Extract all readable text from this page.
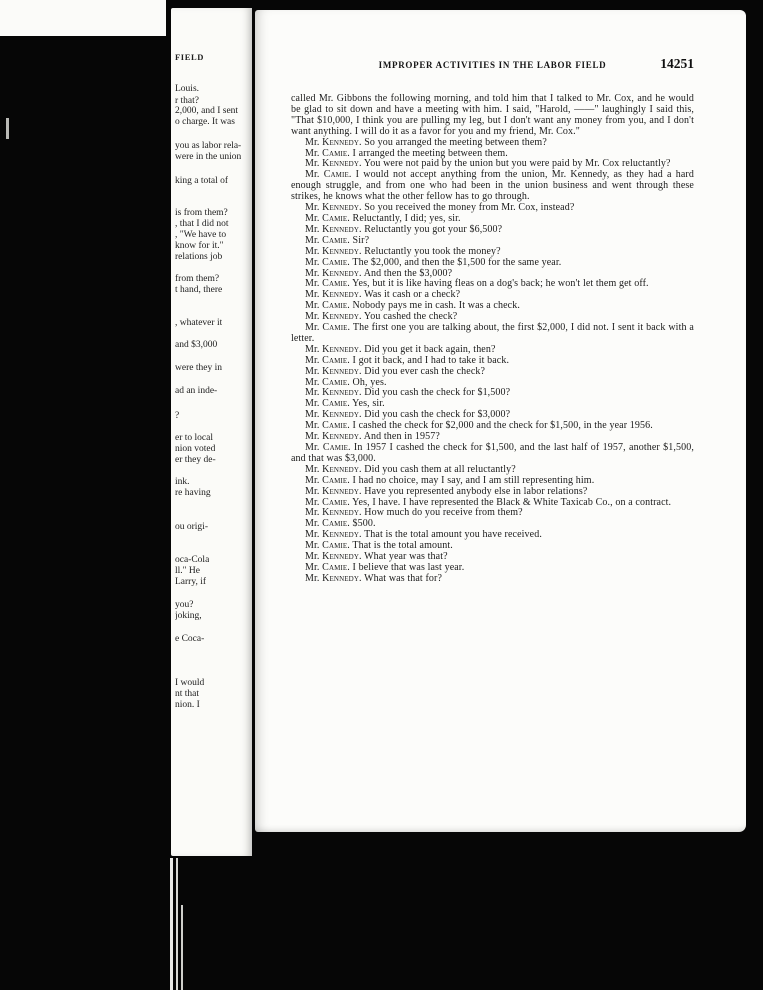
FIELD
Louis.
r that?
2,000, and I sent
o charge. It was
you as labor rela-
were in the union
king a total of
is from them?
, that I did not
, "We have to
know for it."
relations job
from them?
t hand, there
, whatever it
and $3,000
were they in
ad an inde-
?
er to local
nion voted
er they de-
ink.
re having
ou origi-
oca-Cola
ll." He
Larry, if
you?
joking,
e Coca-
I would
nt that
nion. I
IMPROPER ACTIVITIES IN THE LABOR FIELD	14251

called Mr. Gibbons the following morning, and told him that I talked to Mr. Cox, and he would be glad to sit down and have a meeting with him. I said, "Harold, ——" laughingly I said this, "That $10,000, I think you are pulling my leg, but I don't want any money from you, and I don't want anything. I will do it as a favor for you and my friend, Mr. Cox."

Mr. Kennedy. So you arranged the meeting between them?

Mr. Camie. I arranged the meeting between them.

Mr. Kennedy. You were not paid by the union but you were paid by Mr. Cox reluctantly?

Mr. Camie. I would not accept anything from the union, Mr. Kennedy, as they had a hard enough struggle, and from one who had been in the union business and went through these strikes, he knows what the other fellow has to go through.

Mr. Kennedy. So you received the money from Mr. Cox, instead?

Mr. Camie. Reluctantly, I did; yes, sir.

Mr. Kennedy. Reluctantly you got your $6,500?

Mr. Camie. Sir?

Mr. Kennedy. Reluctantly you took the money?

Mr. Camie. The $2,000, and then the $1,500 for the same year.

Mr. Kennedy. And then the $3,000?

Mr. Camie. Yes, but it is like having fleas on a dog's back; he won't let them get off.

Mr. Kennedy. Was it cash or a check?

Mr. Camie. Nobody pays me in cash. It was a check.

Mr. Kennedy. You cashed the check?

Mr. Camie. The first one you are talking about, the first $2,000, I did not. I sent it back with a letter.

Mr. Kennedy. Did you get it back again, then?

Mr. Camie. I got it back, and I had to take it back.

Mr. Kennedy. Did you ever cash the check?

Mr. Camie. Oh, yes.

Mr. Kennedy. Did you cash the check for $1,500?

Mr. Camie. Yes, sir.

Mr. Kennedy. Did you cash the check for $3,000?

Mr. Camie. I cashed the check for $2,000 and the check for $1,500, in the year 1956.

Mr. Kennedy. And then in 1957?

Mr. Camie. In 1957 I cashed the check for $1,500, and the last half of 1957, another $1,500, and that was $3,000.

Mr. Kennedy. Did you cash them at all reluctantly?

Mr. Camie. I had no choice, may I say, and I am still representing him.

Mr. Kennedy. Have you represented anybody else in labor relations?

Mr. Camie. Yes, I have. I have represented the Black & White Taxicab Co., on a contract.

Mr. Kennedy. How much do you receive from them?

Mr. Camie. $500.

Mr. Kennedy. That is the total amount you have received.

Mr. Camie. That is the total amount.

Mr. Kennedy. What year was that?

Mr. Camie. I believe that was last year.

Mr. Kennedy. What was that for?
